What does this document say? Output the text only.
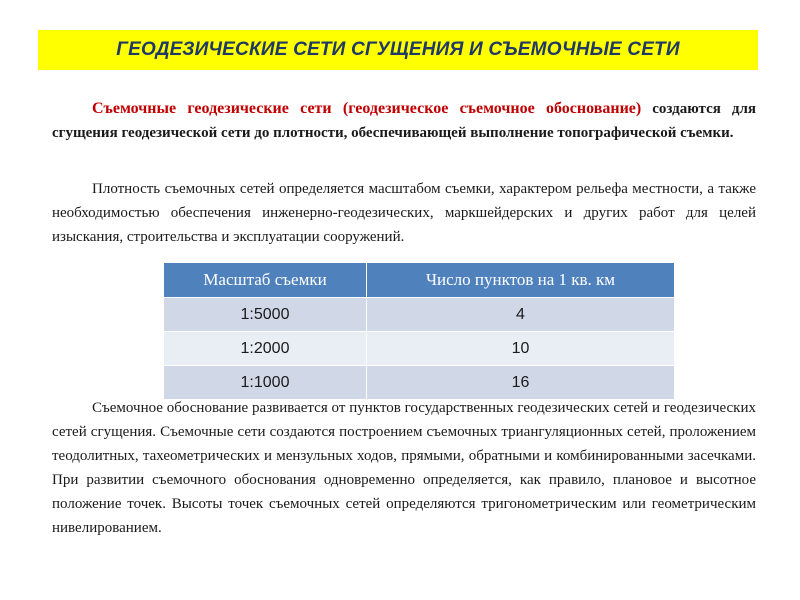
ГЕОДЕЗИЧЕСКИЕ СЕТИ СГУЩЕНИЯ И СЪЕМОЧНЫЕ СЕТИ

Съемочные геодезические сети (геодезическое съемочное обоснование) создаются для сгущения геодезической сети до плотности, обеспечивающей выполнение топографической съемки.

Плотность съемочных сетей определяется масштабом съемки, характером рельефа местности, а также необходимостью обеспечения инженерно-геодезических, маркшейдерских и других работ для целей изыскания, строительства и эксплуатации сооружений.

Масштаб съемки	Число пунктов на 1 кв. км
1:5000	4
1:2000	10
1:1000	16

Съемочное обоснование развивается от пунктов государственных геодезических сетей и геодезических сетей сгущения. Съемочные сети создаются построением съемочных триангуляционных сетей, проложением теодолитных, тахеометрических и мензульных ходов, прямыми, обратными и комбинированными засечками. При развитии съемочного обоснования одновременно определяется, как правило, плановое и высотное положение точек. Высоты точек съемочных сетей определяются тригонометрическим или геометрическим нивелированием.
